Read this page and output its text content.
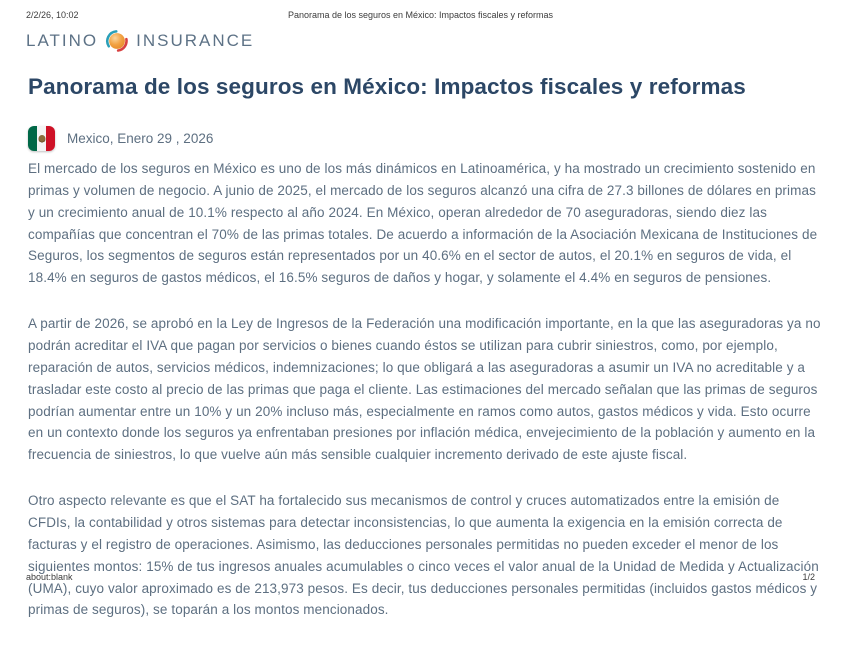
Panorama de los seguros en México: Impactos fiscales y reformas
2/2/26, 10:02
LATINO INSURANCE
Panorama de los seguros en México: Impactos fiscales y reformas
Mexico, Enero 29 , 2026

El mercado de los seguros en México es uno de los más dinámicos en Latinoamérica, y ha mostrado un crecimiento sostenido en primas y volumen de negocio. A junio de 2025, el mercado de los seguros alcanzó una cifra de 27.3 billones de dólares en primas y un crecimiento anual de 10.1% respecto al año 2024. En México, operan alrededor de 70 aseguradoras, siendo diez las compañías que concentran el 70% de las primas totales. De acuerdo a información de la Asociación Mexicana de Instituciones de Seguros, los segmentos de seguros están representados por un 40.6% en el sector de autos, el 20.1% en seguros de vida, el 18.4% en seguros de gastos médicos, el 16.5% seguros de daños y hogar, y solamente el 4.4% en seguros de pensiones.

A partir de 2026, se aprobó en la Ley de Ingresos de la Federación una modificación importante, en la que las aseguradoras ya no podrán acreditar el IVA que pagan por servicios o bienes cuando éstos se utilizan para cubrir siniestros, como, por ejemplo, reparación de autos, servicios médicos, indemnizaciones; lo que obligará a las aseguradoras a asumir un IVA no acreditable y a trasladar este costo al precio de las primas que paga el cliente. Las estimaciones del mercado señalan que las primas de seguros podrían aumentar entre un 10% y un 20% incluso más, especialmente en ramos como autos, gastos médicos y vida. Esto ocurre en un contexto donde los seguros ya enfrentaban presiones por inflación médica, envejecimiento de la población y aumento en la frecuencia de siniestros, lo que vuelve aún más sensible cualquier incremento derivado de este ajuste fiscal.

Otro aspecto relevante es que el SAT ha fortalecido sus mecanismos de control y cruces automatizados entre la emisión de CFDIs, la contabilidad y otros sistemas para detectar inconsistencias, lo que aumenta la exigencia en la emisión correcta de facturas y el registro de operaciones. Asimismo, las deducciones personales permitidas no pueden exceder el menor de los siguientes montos: 15% de tus ingresos anuales acumulables o cinco veces el valor anual de la Unidad de Medida y Actualización (UMA), cuyo valor aproximado es de 213,973 pesos. Es decir, tus deducciones personales permitidas (incluidos gastos médicos y primas de seguros), se toparán a los montos mencionados.

about:blank	1/2
